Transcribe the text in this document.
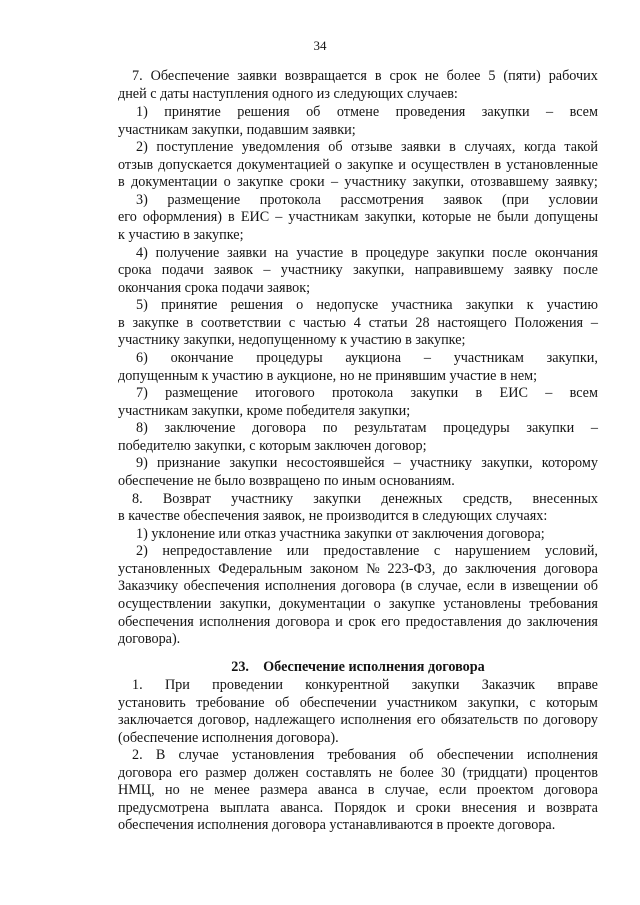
34
7. Обеспечение заявки возвращается в срок не более 5 (пяти) рабочих
дней с даты наступления одного из следующих случаев:
1) принятие решения об отмене проведения закупки – всем
участникам закупки, подавшим заявки;
2) поступление уведомления об отзыве заявки в случаях, когда такой
отзыв допускается документацией о закупке и осуществлен в установленные
в документации о закупке сроки – участнику закупки, отозвавшему заявку;
3) размещение протокола рассмотрения заявок (при условии
его оформления) в ЕИС – участникам закупки, которые не были допущены
к участию в закупке;
4) получение заявки на участие в процедуре закупки после окончания
срока подачи заявок – участнику закупки, направившему заявку после
окончания срока подачи заявок;
5) принятие решения о недопуске участника закупки к участию
в закупке в соответствии с частью 4 статьи 28 настоящего Положения –
участнику закупки, недопущенному к участию в закупке;
6) окончание процедуры аукциона – участникам закупки,
допущенным к участию в аукционе, но не принявшим участие в нем;
7) размещение итогового протокола закупки в ЕИС – всем
участникам закупки, кроме победителя закупки;
8) заключение договора по результатам процедуры закупки –
победителю закупки, с которым заключен договор;
9) признание закупки несостоявшейся – участнику закупки, которому
обеспечение не было возвращено по иным основаниям.
8. Возврат участнику закупки денежных средств, внесенных
в качестве обеспечения заявок, не производится в следующих случаях:
1) уклонение или отказ участника закупки от заключения договора;
2) непредоставление или предоставление с нарушением условий,
установленных Федеральным законом № 223-ФЗ, до заключения договора
Заказчику обеспечения исполнения договора (в случае, если в извещении об
осуществлении закупки, документации о закупке установлены требования
обеспечения исполнения договора и срок его предоставления до заключения
договора).
23. Обеспечение исполнения договора
1. При проведении конкурентной закупки Заказчик вправе
установить требование об обеспечении участником закупки, с которым
заключается договор, надлежащего исполнения его обязательств по договору
(обеспечение исполнения договора).
2. В случае установления требования об обеспечении исполнения
договора его размер должен составлять не более 30 (тридцати) процентов
НМЦ, но не менее размера аванса в случае, если проектом договора
предусмотрена выплата аванса. Порядок и сроки внесения и возврата
обеспечения исполнения договора устанавливаются в проекте договора.
